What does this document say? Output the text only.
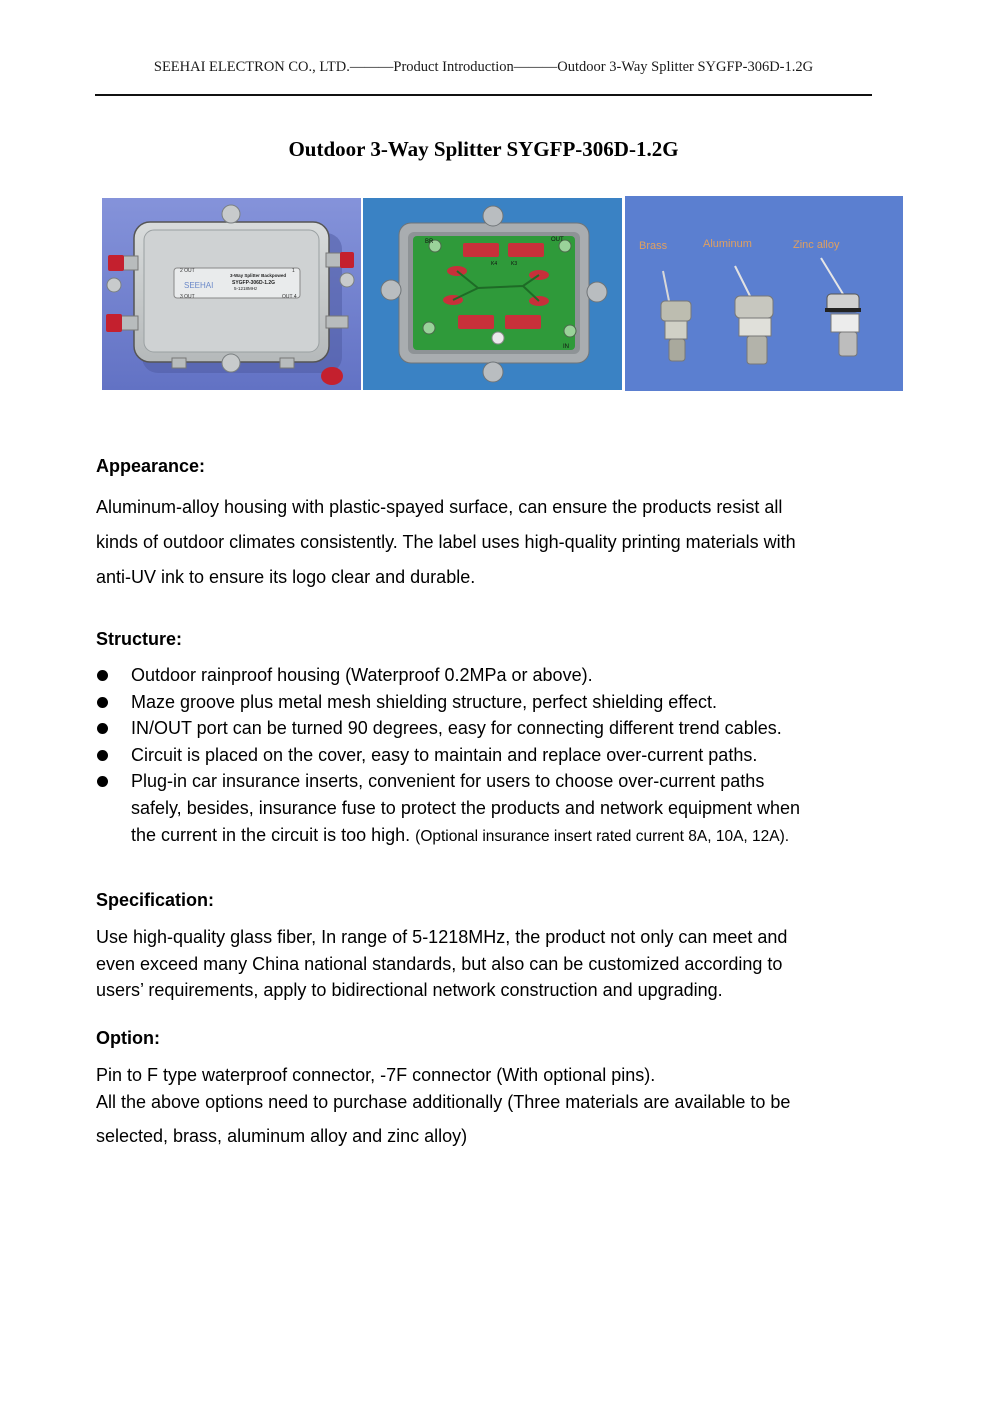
SEEHAI ELECTRON CO., LTD.———Product Introduction———Outdoor 3-Way Splitter SYGFP-306D-1.2G
Outdoor 3-Way Splitter SYGFP-306D-1.2G
2 OUT
3 OUT
1
OUT 4
SEEHAI
3-Way Splitter Backpowed
SYGFP-306D-1.2G
5-1218MHz
BR	OUT
IN
K4	K3
Brass	Aluminum	Zinc alloy
Appearance:
Aluminum-alloy housing with plastic-spayed surface, can ensure the products resist all
kinds of outdoor climates consistently. The label uses high-quality printing materials with
anti-UV ink to ensure its logo clear and durable.
Structure:
Outdoor rainproof housing (Waterproof 0.2MPa or above).
Maze groove plus metal mesh shielding structure, perfect shielding effect.
IN/OUT port can be turned 90 degrees, easy for connecting different trend cables.
Circuit is placed on the cover, easy to maintain and replace over-current paths.
Plug-in car insurance inserts, convenient for users to choose over-current paths
safely, besides, insurance fuse to protect the products and network equipment when
the current in the circuit is too high. (Optional insurance insert rated current 8A, 10A, 12A).
Specification:
Use high-quality glass fiber, In range of 5-1218MHz, the product not only can meet and
even exceed many China national standards, but also can be customized according to
users’ requirements, apply to bidirectional network construction and upgrading.
Option:
Pin to F type waterproof connector, -7F connector (With optional pins).
All the above options need to purchase additionally (Three materials are available to be
selected, brass, aluminum alloy and zinc alloy)
